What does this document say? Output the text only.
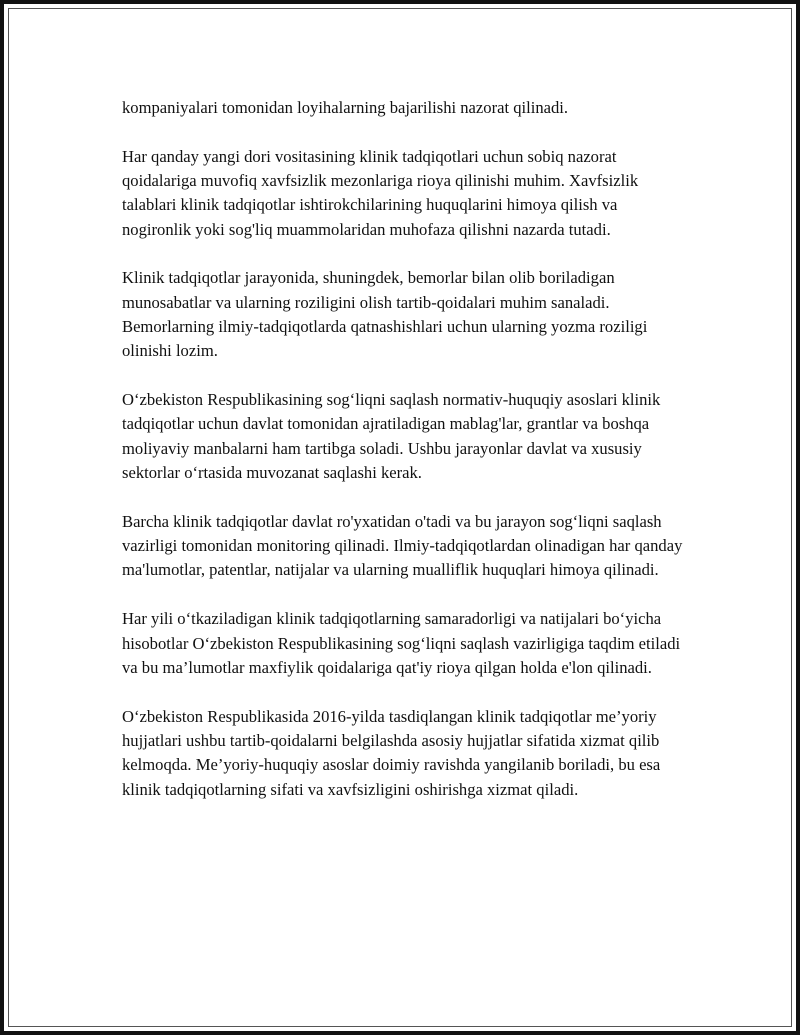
kompaniyalari tomonidan loyihalarning bajarilishi nazorat qilinadi.

Har qanday yangi dori vositasining klinik tadqiqotlari uchun sobiq nazorat qoidalariga muvofiq xavfsizlik mezonlariga rioya qilinishi muhim. Xavfsizlik talablari klinik tadqiqotlar ishtirokchilarining huquqlarini himoya qilish va nogironlik yoki sog'liq muammolaridan muhofaza qilishni nazarda tutadi.

Klinik tadqiqotlar jarayonida, shuningdek, bemorlar bilan olib boriladigan munosabatlar va ularning roziligini olish tartib-qoidalari muhim sanaladi. Bemorlarning ilmiy-tadqiqotlarda qatnashishlari uchun ularning yozma roziligi olinishi lozim.

O‘zbekiston Respublikasining sog‘liqni saqlash normativ-huquqiy asoslari klinik tadqiqotlar uchun davlat tomonidan ajratiladigan mablag'lar, grantlar va boshqa moliyaviy manbalarni ham tartibga soladi. Ushbu jarayonlar davlat va xususiy sektorlar o‘rtasida muvozanat saqlashi kerak.

Barcha klinik tadqiqotlar davlat ro'yxatidan o'tadi va bu jarayon sog‘liqni saqlash vazirligi tomonidan monitoring qilinadi. Ilmiy-tadqiqotlardan olinadigan har qanday ma'lumotlar, patentlar, natijalar va ularning mualliflik huquqlari himoya qilinadi.

Har yili o‘tkaziladigan klinik tadqiqotlarning samaradorligi va natijalari bo‘yicha hisobotlar O‘zbekiston Respublikasining sog‘liqni saqlash vazirligiga taqdim etiladi va bu ma’lumotlar maxfiylik qoidalariga qat'iy rioya qilgan holda e'lon qilinadi.

O‘zbekiston Respublikasida 2016-yilda tasdiqlangan klinik tadqiqotlar me’yoriy hujjatlari ushbu tartib-qoidalarni belgilashda asosiy hujjatlar sifatida xizmat qilib kelmoqda. Me’yoriy-huquqiy asoslar doimiy ravishda yangilanib boriladi, bu esa klinik tadqiqotlarning sifati va xavfsizligini oshirishga xizmat qiladi.
